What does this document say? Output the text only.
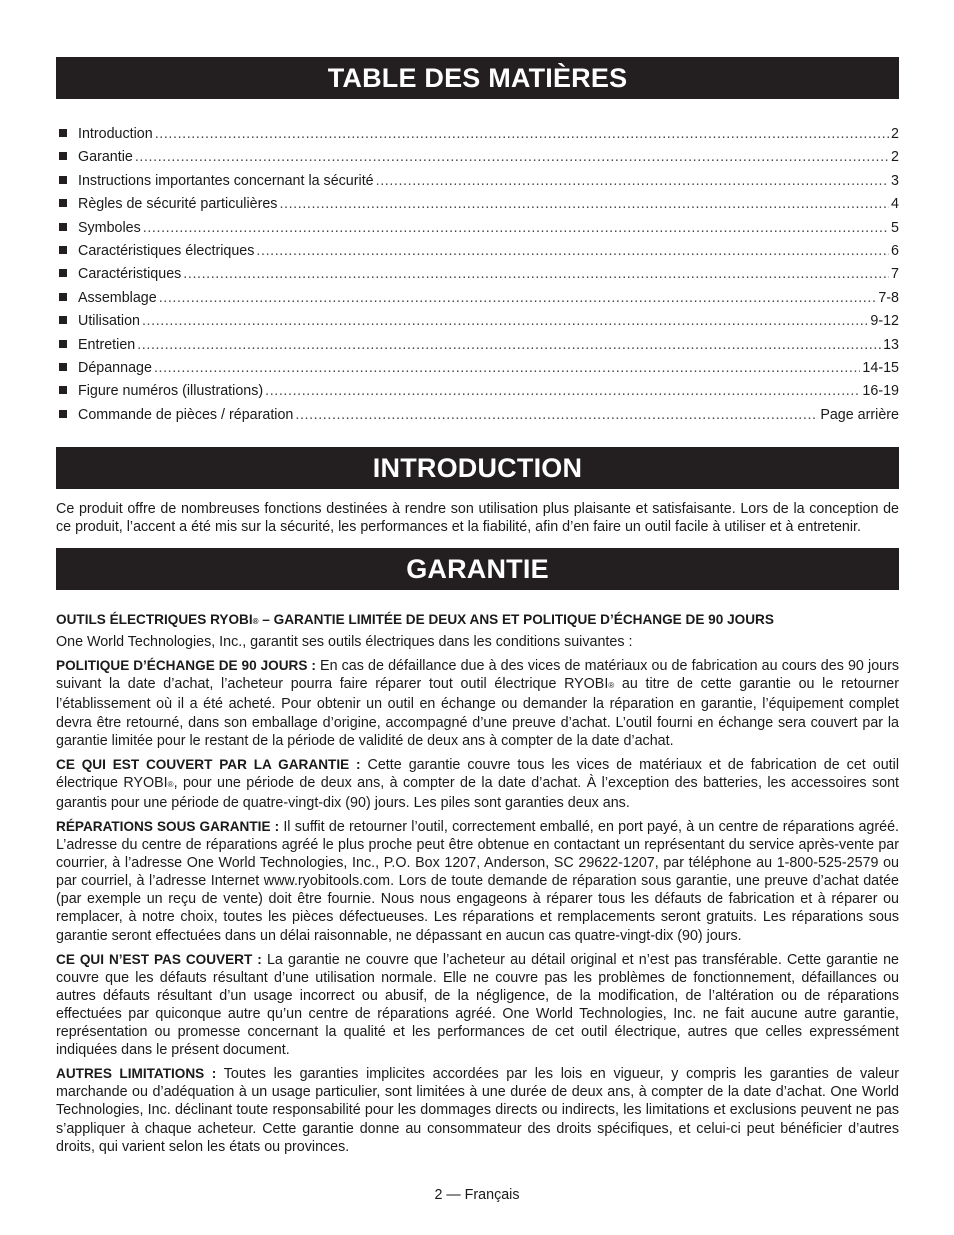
TABLE DES MATIÈRES
Introduction .....	2
Garantie .....	2
Instructions importantes concernant la sécurité .....	3
Règles de sécurité particulières .....	4
Symboles .....	5
Caractéristiques électriques .....	6
Caractéristiques .....	7
Assemblage .....	7-8
Utilisation .....	9-12
Entretien .....	13
Dépannage .....	14-15
Figure numéros (illustrations) .....	16-19
Commande de pièces / réparation .....	Page arrière
INTRODUCTION

Ce produit offre de nombreuses fonctions destinées à rendre son utilisation plus plaisante et satisfaisante. Lors de la conception de ce produit, l’accent a été mis sur la sécurité, les performances et la fiabilité, afin d’en faire un outil facile à utiliser et à entretenir.

GARANTIE

OUTILS ÉLECTRIQUES RYOBI® – GARANTIE LIMITÉE DE DEUX ANS ET POLITIQUE D’ÉCHANGE DE 90 JOURS

One World Technologies, Inc., garantit ses outils électriques dans les conditions suivantes :

POLITIQUE D’ÉCHANGE DE 90 JOURS : En cas de défaillance due à des vices de matériaux ou de fabrication au cours des 90 jours suivant la date d’achat, l’acheteur pourra faire réparer tout outil électrique RYOBI® au titre de cette garantie ou le retourner l’établissement où il a été acheté. Pour obtenir un outil en échange ou demander la réparation en garantie, l’équipement complet devra être retourné, dans son emballage d’origine, accompagné d’une preuve d’achat. L’outil fourni en échange sera couvert par la garantie limitée pour le restant de la période de validité de deux ans à compter de la date d’achat.

CE QUI EST COUVERT PAR LA GARANTIE : Cette garantie couvre tous les vices de matériaux et de fabrication de cet outil électrique RYOBI®, pour une période de deux ans, à compter de la date d’achat. À l’exception des batteries, les accessoires sont garantis pour une période de quatre-vingt-dix (90) jours. Les piles sont garanties deux ans.

RÉPARATIONS SOUS GARANTIE : Il suffit de retourner l’outil, correctement emballé, en port payé, à un centre de réparations agréé. L’adresse du centre de réparations agréé le plus proche peut être obtenue en contactant un représentant du service après-vente par courrier, à l’adresse One World Technologies, Inc., P.O. Box 1207, Anderson, SC 29622-1207, par téléphone au 1-800-525-2579 ou par courriel, à l’adresse Internet www.ryobitools.com. Lors de toute demande de réparation sous garantie, une preuve d’achat datée (par exemple un reçu de vente) doit être fournie. Nous nous engageons à réparer tous les défauts de fabrication et à réparer ou remplacer, à notre choix, toutes les pièces défectueuses. Les réparations et remplacements seront gratuits. Les réparations sous garantie seront effectuées dans un délai raisonnable, ne dépassant en aucun cas quatre-vingt-dix (90) jours.

CE QUI N’EST PAS COUVERT : La garantie ne couvre que l’acheteur au détail original et n’est pas transférable. Cette garantie ne couvre que les défauts résultant d’une utilisation normale. Elle ne couvre pas les problèmes de fonctionnement, défaillances ou autres défauts résultant d’un usage incorrect ou abusif, de la négligence, de la modification, de l’altération ou de réparations effectuées par quiconque autre qu’un centre de réparations agréé. One World Technologies, Inc. ne fait aucune autre garantie, représentation ou promesse concernant la qualité et les performances de cet outil électrique, autres que celles expressément indiquées dans le présent document.

AUTRES LIMITATIONS : Toutes les garanties implicites accordées par les lois en vigueur, y compris les garanties de valeur marchande ou d’adéquation à un usage particulier, sont limitées à une durée de deux ans, à compter de la date d’achat. One World Technologies, Inc. déclinant toute responsabilité pour les dommages directs ou indirects, les limitations et exclusions peuvent ne pas s’appliquer à chaque acheteur. Cette garantie donne au consommateur des droits spécifiques, et celui-ci peut bénéficier d’autres droits, qui varient selon les états ou provinces.

2 — Français
